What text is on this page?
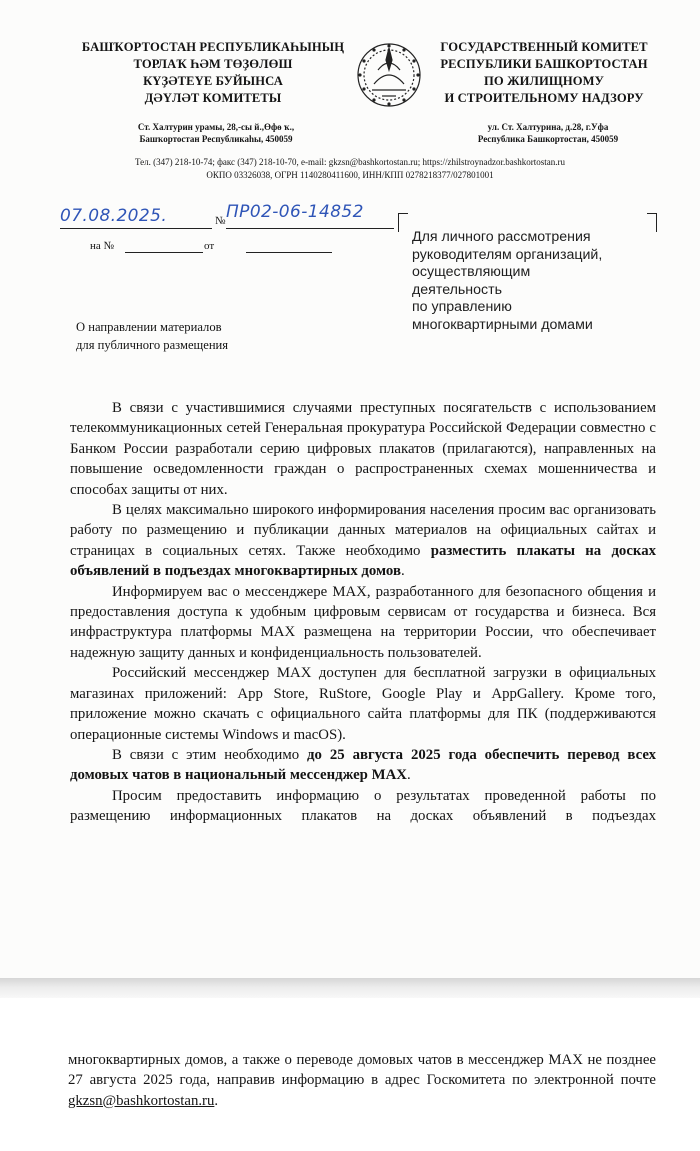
БАШҠОРТОСТАН РЕСПУБЛИКАҺЫНЫҢ
ТОРЛАҠ ҺӘМ ТӨҘӨЛӨШ
КҮҘӘТЕҮЕ БУЙЫНСА
ДӘҮЛӘТ КОМИТЕТЫ
ГОСУДАРСТВЕННЫЙ КОМИТЕТ
РЕСПУБЛИКИ БАШКОРТОСТАН
ПО ЖИЛИЩНОМУ
И СТРОИТЕЛЬНОМУ НАДЗОРУ
Ст. Халтурин урамы, 28,-сы й.,Өфө ҡ.,
Башҡортостан Республикаһы, 450059
ул. Ст. Халтурина, д.28, г.Уфа
Республика Башкортостан, 450059
Тел. (347) 218-10-74; факс (347) 218-10-70, e-mail: gkzsn@bashkortostan.ru; https://zhilstroynadzor.bashkortostan.ru
ОКПО 03326038, ОГРН 1140280411600, ИНН/КПП 0278218377/027801001
07.08.2025.	№ ПР02-06-14852
на №	от
Для личного рассмотрения
руководителям организаций,
осуществляющим
деятельность
по управлению
многоквартирными домами
О направлении материалов
для публичного размещения

В связи с участившимися случаями преступных посягательств с использованием телекоммуникационных сетей Генеральная прокуратура Российской Федерации совместно с Банком России разработали серию цифровых плакатов (прилагаются), направленных на повышение осведомленности граждан о распространенных схемах мошенничества и способах защиты от них.

В целях максимально широкого информирования населения просим вас организовать работу по размещению и публикации данных материалов на официальных сайтах и страницах в социальных сетях. Также необходимо разместить плакаты на досках объявлений в подъездах многоквартирных домов.

Информируем вас о мессенджере MAX, разработанного для безопасного общения и предоставления доступа к удобным цифровым сервисам от государства и бизнеса. Вся инфраструктура платформы MAX размещена на территории России, что обеспечивает надежную защиту данных и конфиденциальность пользователей.

Российский мессенджер MAX доступен для бесплатной загрузки в официальных магазинах приложений: App Store, RuStore, Google Play и AppGallery. Кроме того, приложение можно скачать с официального сайта платформы для ПК (поддерживаются операционные системы Windows и macOS).

В связи с этим необходимо до 25 августа 2025 года обеспечить перевод всех домовых чатов в национальный мессенджер MAX.

Просим предоставить информацию о результатах проведенной работы по размещению информационных плакатов на досках объявлений в подъездах

многоквартирных домов, а также о переводе домовых чатов в мессенджер MAX не позднее 27 августа 2025 года, направив информацию в адрес Госкомитета по электронной почте gkzsn@bashkortostan.ru.
